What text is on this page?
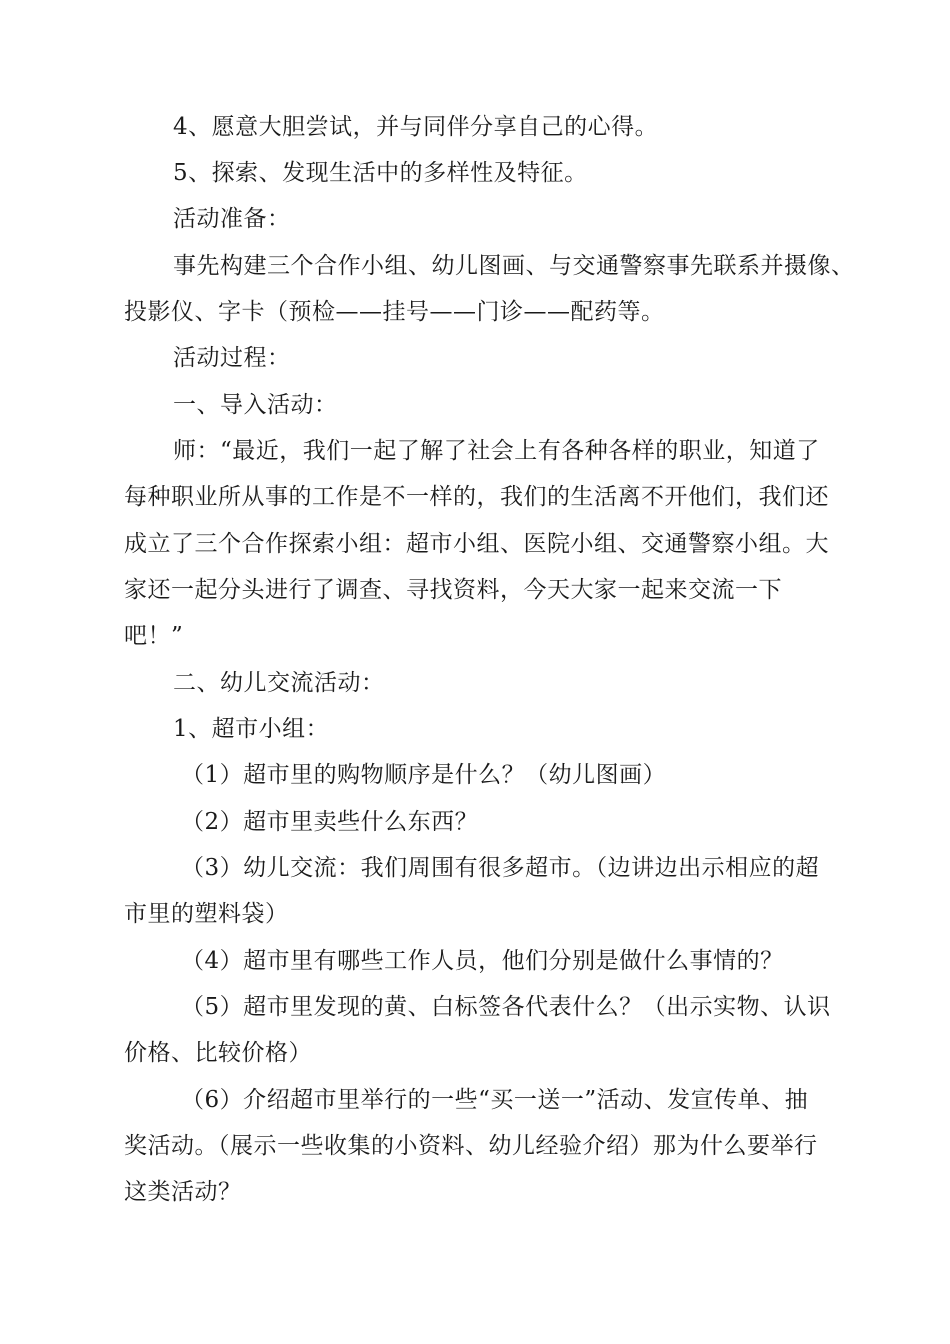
4、愿意大胆尝试，并与同伴分享自己的心得。
5、探索、发现生活中的多样性及特征。
活动准备：
事先构建三个合作小组、幼儿图画、与交通警察事先联系并摄像、
投影仪、字卡（预检——挂号——门诊——配药等。
活动过程：
一、导入活动：
师：“最近，我们一起了解了社会上有各种各样的职业，知道了
每种职业所从事的工作是不一样的，我们的生活离不开他们，我们还
成立了三个合作探索小组：超市小组、医院小组、交通警察小组。大
家还一起分头进行了调查、寻找资料，今天大家一起来交流一下
吧！”
二、幼儿交流活动：
1、超市小组：
（1）超市里的购物顺序是什么？（幼儿图画）
（2）超市里卖些什么东西？
（3）幼儿交流：我们周围有很多超市。（边讲边出示相应的超
市里的塑料袋）
（4）超市里有哪些工作人员，他们分别是做什么事情的？
（5）超市里发现的黄、白标签各代表什么？（出示实物、认识
价格、比较价格）
（6）介绍超市里举行的一些“买一送一”活动、发宣传单、抽
奖活动。（展示一些收集的小资料、幼儿经验介绍）那为什么要举行
这类活动？
